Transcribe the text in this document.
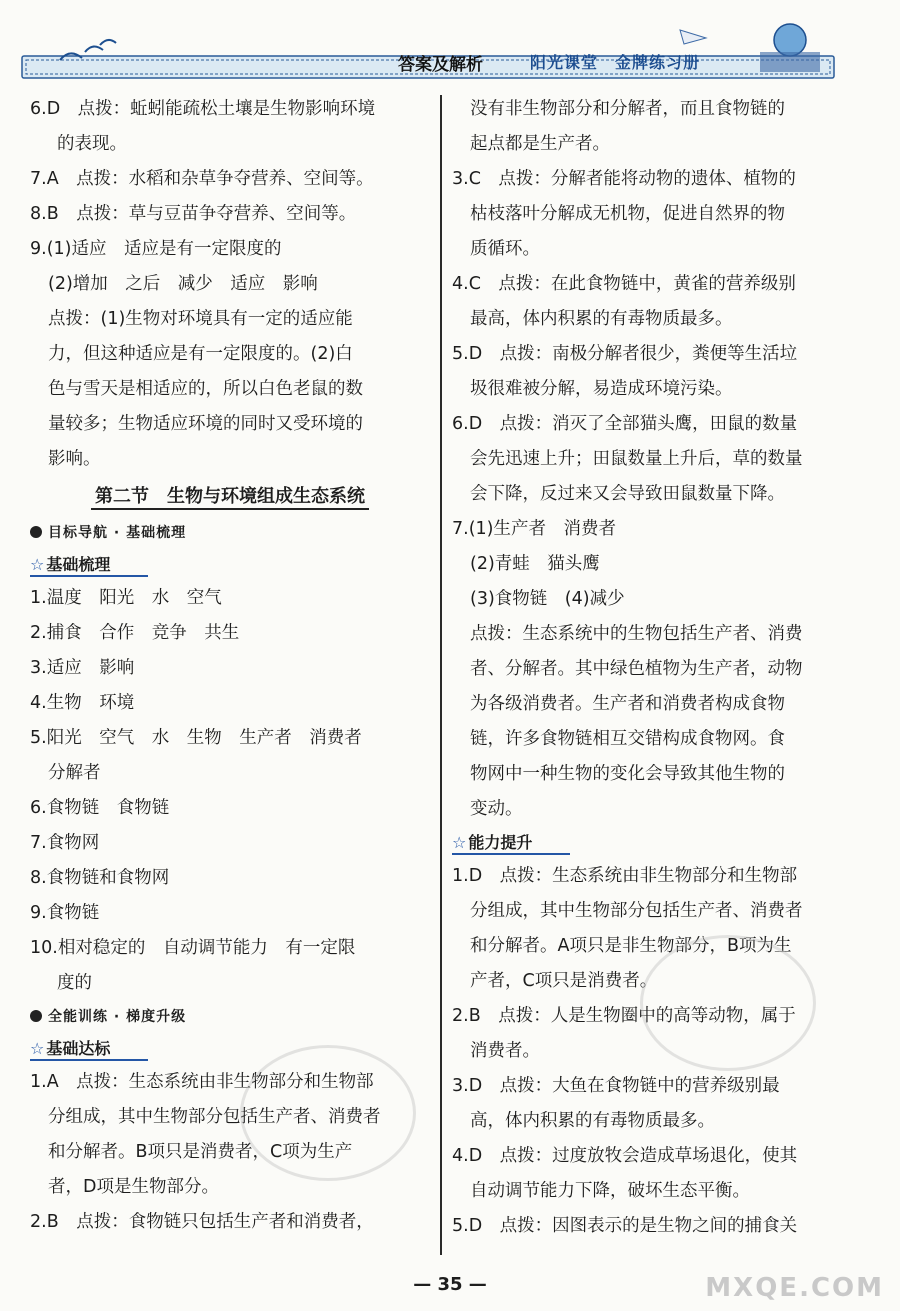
答案及解析	阳光课堂　金牌练习册
6.D　点拨：蚯蚓能疏松土壤是生物影响环境
的表现。
7.A　点拨：水稻和杂草争夺营养、空间等。
8.B　点拨：草与豆苗争夺营养、空间等。
9.(1)适应　适应是有一定限度的
(2)增加　之后　减少　适应　影响
点拨：(1)生物对环境具有一定的适应能
力，但这种适应是有一定限度的。(2)白
色与雪天是相适应的，所以白色老鼠的数
量较多；生物适应环境的同时又受环境的
影响。
第二节　生物与环境组成生态系统
目标导航 · 基础梳理
☆ 基础梳理
1.温度　阳光　水　空气
2.捕食　合作　竞争　共生
3.适应　影响
4.生物　环境
5.阳光　空气　水　生物　生产者　消费者
分解者
6.食物链　食物链
7.食物网
8.食物链和食物网
9.食物链
10.相对稳定的　自动调节能力　有一定限
度的
全能训练 · 梯度升级
☆ 基础达标
1.A　点拨：生态系统由非生物部分和生物部
分组成，其中生物部分包括生产者、消费者
和分解者。B项只是消费者，C项为生产
者，D项是生物部分。
2.B　点拨：食物链只包括生产者和消费者，
没有非生物部分和分解者，而且食物链的
起点都是生产者。
3.C　点拨：分解者能将动物的遗体、植物的
枯枝落叶分解成无机物，促进自然界的物
质循环。
4.C　点拨：在此食物链中，黄雀的营养级别
最高，体内积累的有毒物质最多。
5.D　点拨：南极分解者很少，粪便等生活垃
圾很难被分解，易造成环境污染。
6.D　点拨：消灭了全部猫头鹰，田鼠的数量
会先迅速上升；田鼠数量上升后，草的数量
会下降，反过来又会导致田鼠数量下降。
7.(1)生产者　消费者
(2)青蛙　猫头鹰
(3)食物链　(4)减少
点拨：生态系统中的生物包括生产者、消费
者、分解者。其中绿色植物为生产者，动物
为各级消费者。生产者和消费者构成食物
链，许多食物链相互交错构成食物网。食
物网中一种生物的变化会导致其他生物的
变动。
☆ 能力提升
1.D　点拨：生态系统由非生物部分和生物部
分组成，其中生物部分包括生产者、消费者
和分解者。A项只是非生物部分，B项为生
产者，C项只是消费者。
2.B　点拨：人是生物圈中的高等动物，属于
消费者。
3.D　点拨：大鱼在食物链中的营养级别最
高，体内积累的有毒物质最多。
4.D　点拨：过度放牧会造成草场退化，使其
自动调节能力下降，破坏生态平衡。
5.D　点拨：因图表示的是生物之间的捕食关
— 35 —	MXQE.COM
